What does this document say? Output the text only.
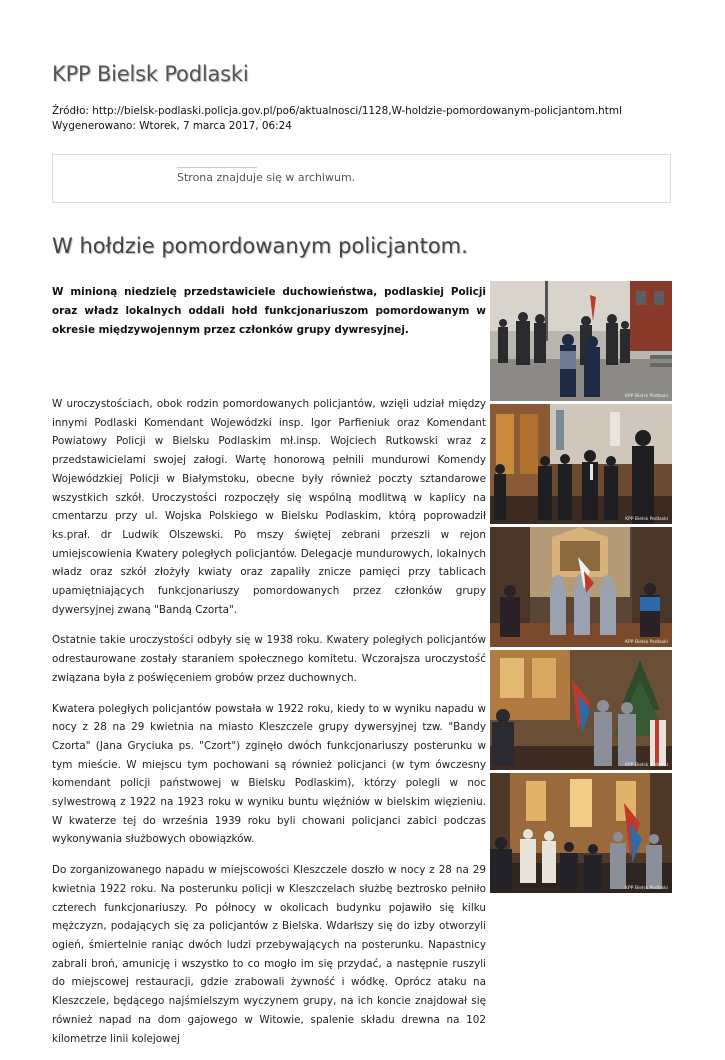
KPP Bielsk Podlaski
Źródło: http://bielsk-podlaski.policja.gov.pl/po6/aktualnosci/1128,W-holdzie-pomordowanym-policjantom.html
Wygenerowano: Wtorek, 7 marca 2017, 06:24
Strona znajduje się w archiwum.
W hołdzie pomordowanym policjantom.

W minioną niedzielę przedstawiciele duchowieństwa, podlaskiej Policji oraz władz lokalnych oddali hołd funkcjonariuszom pomordowanym w okresie międzywojennym przez członków grupy dywresyjnej.

W uroczystościach, obok rodzin pomordowanych policjantów, wzięli udział między innymi Podlaski Komendant Wojewódzki insp. Igor Parfieniuk oraz Komendant Powiatowy Policji w Bielsku Podlaskim mł.insp. Wojciech Rutkowski wraz z przedstawicielami swojej załogi. Wartę honorową pełnili mundurowi Komendy Wojewódzkiej Policji w Białymstoku, obecne były również poczty sztandarowe wszystkich szkół. Uroczystości rozpoczęły się wspólną modlitwą w kaplicy na cmentarzu przy ul. Wojska Polskiego w Bielsku Podlaskim, którą poprowadził ks.prał. dr Ludwik Olszewski. Po mszy świętej zebrani przeszli w rejon umiejscowienia Kwatery poległych policjantów. Delegacje mundurowych, lokalnych władz oraz szkół złożyły kwiaty oraz zapaliły znicze pamięci przy tablicach upamiętniających funkcjonariuszy pomordowanych przez członków grupy dywersyjnej zwaną "Bandą Czorta".

Ostatnie takie uroczystości odbyły się w 1938 roku. Kwatery poległych policjantów odrestaurowane zostały staraniem społecznego komitetu. Wczorajsza uroczystość związana była z poświęceniem grobów przez duchownych.

Kwatera poległych policjantów powstała w 1922 roku, kiedy to w wyniku napadu w nocy z 28 na 29 kwietnia na miasto Kleszczele grupy dywersyjnej tzw. "Bandy Czorta" (Jana Gryciuka ps. "Czort") zginęło dwóch funkcjonariuszy posterunku w tym mieście. W miejscu tym pochowani są również policjanci (w tym ówczesny komendant policji państwowej w Bielsku Podlaskim), którzy polegli w noc sylwestrową z 1922 na 1923 roku w wyniku buntu więźniów w bielskim więzieniu. W kwaterze tej do września 1939 roku byli chowani policjanci zabici podczas wykonywania służbowych obowiązków.

Do zorganizowanego napadu w miejscowości Kleszczele doszło w nocy z 28 na 29 kwietnia 1922 roku. Na posterunku policji w Kleszczelach służbę beztrosko pełniło czterech funkcjonariuszy. Po północy w okolicach budynku pojawiło się kilku mężczyzn, podających się za policjantów z Bielska. Wdarłszy się do izby otworzyli ogień, śmiertelnie raniąc dwóch ludzi przebywających na posterunku. Napastnicy zabrali broń, amunicję i wszystko to co mogło im się przydać, a następnie ruszyli do miejscowej restauracji, gdzie zrabowali żywność i wódkę. Oprócz ataku na Kleszczele, będącego najśmielszym wyczynem grupy, na ich koncie znajdował się również napad na dom gajowego w Witowie, spalenie składu drewna na 102 kilometrze linii kolejowej

KPP Bielsk Podlaski
KPP Bielsk Podlaski
KPP Bielsk Podlaski
KPP Bielsk Podlaski
KPP Bielsk Podlaski
